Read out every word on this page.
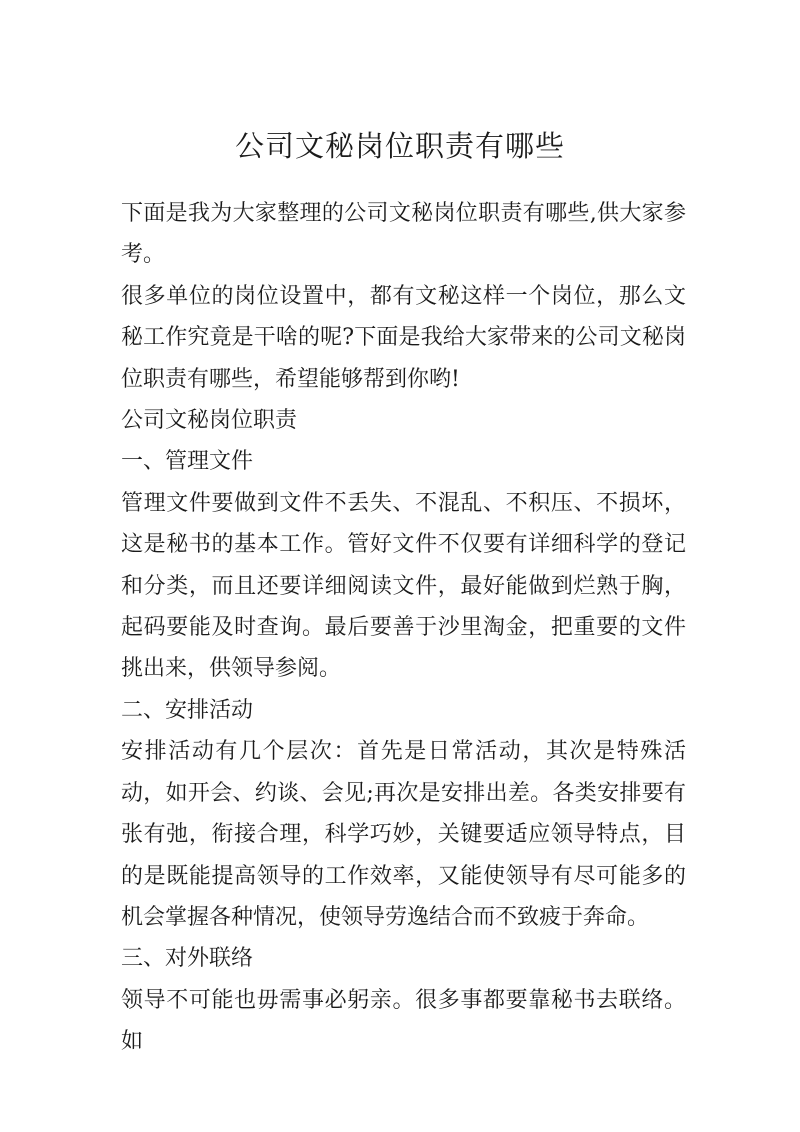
公司文秘岗位职责有哪些

下面是我为大家整理的公司文秘岗位职责有哪些,供大家参考。

很多单位的岗位设置中，都有文秘这样一个岗位，那么文秘工作究竟是干啥的呢?下面是我给大家带来的公司文秘岗位职责有哪些，希望能够帮到你哟!

公司文秘岗位职责

一、管理文件

管理文件要做到文件不丢失、不混乱、不积压、不损坏，这是秘书的基本工作。管好文件不仅要有详细科学的登记和分类，而且还要详细阅读文件，最好能做到烂熟于胸，起码要能及时查询。最后要善于沙里淘金，把重要的文件挑出来，供领导参阅。

二、安排活动

安排活动有几个层次：首先是日常活动，其次是特殊活动，如开会、约谈、会见;再次是安排出差。各类安排要有张有弛，衔接合理，科学巧妙，关键要适应领导特点，目的是既能提高领导的工作效率，又能使领导有尽可能多的机会掌握各种情况，使领导劳逸结合而不致疲于奔命。

三、对外联络

领导不可能也毋需事必躬亲。很多事都要靠秘书去联络。如
